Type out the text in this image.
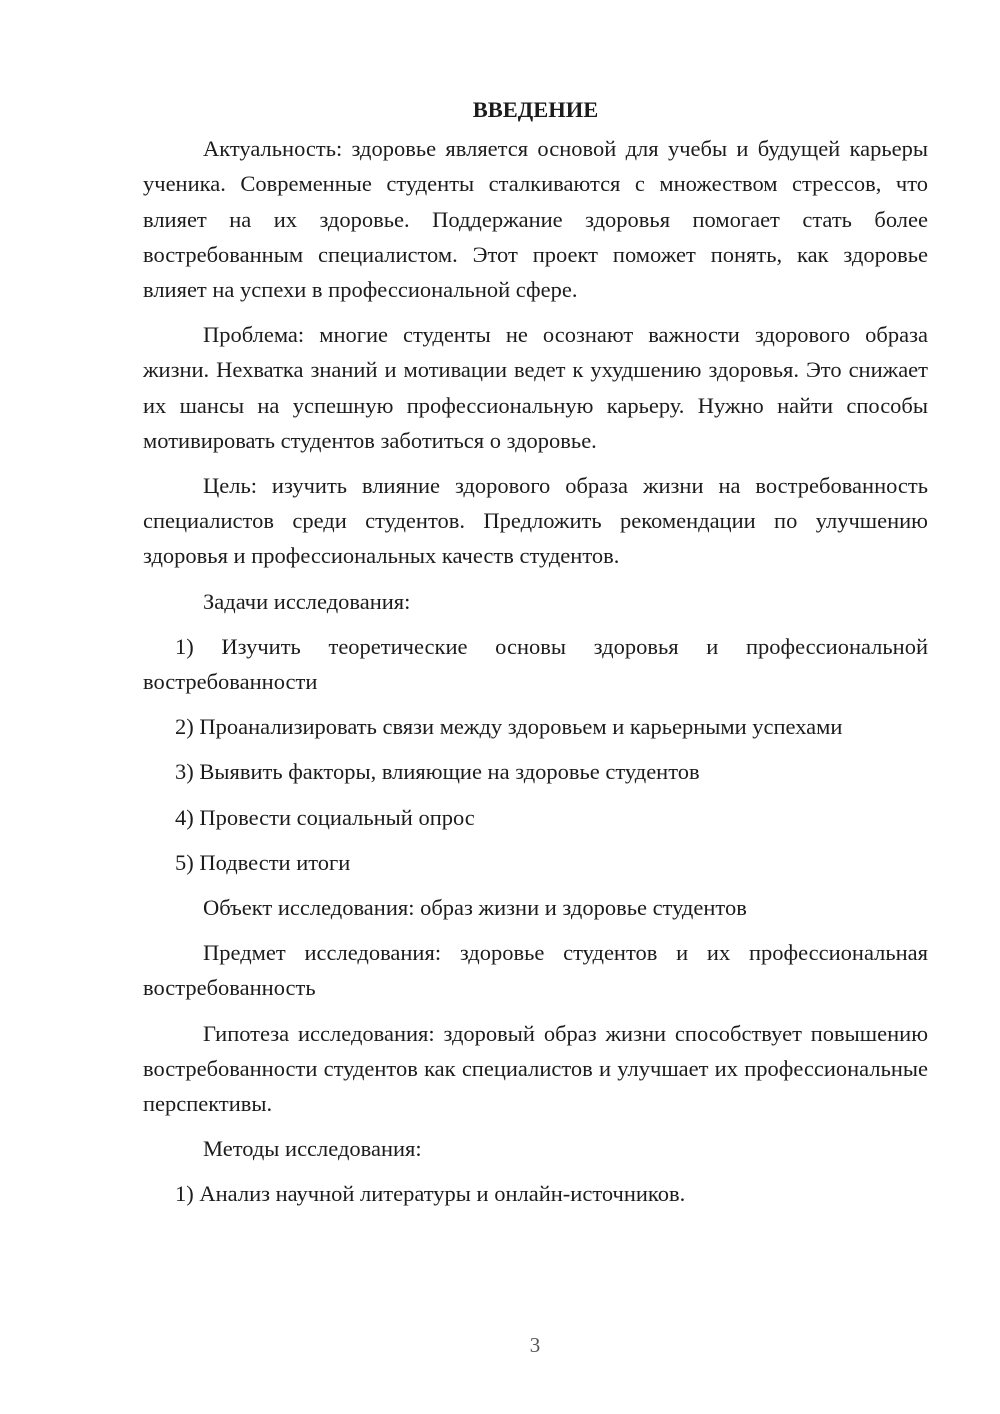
ВВЕДЕНИЕ

Актуальность: здоровье является основой для учебы и будущей карьеры ученика. Современные студенты сталкиваются с множеством стрессов, что влияет на их здоровье. Поддержание здоровья помогает стать более востребованным специалистом. Этот проект поможет понять, как здоровье влияет на успехи в профессиональной сфере.

Проблема: многие студенты не осознают важности здорового образа жизни. Нехватка знаний и мотивации ведет к ухудшению здоровья. Это снижает их шансы на успешную профессиональную карьеру. Нужно найти способы мотивировать студентов заботиться о здоровье.

Цель: изучить влияние здорового образа жизни на востребованность специалистов среди студентов. Предложить рекомендации по улучшению здоровья и профессиональных качеств студентов.

Задачи исследования:

1) Изучить теоретические основы здоровья и профессиональной востребованности

2) Проанализировать связи между здоровьем и карьерными успехами

3) Выявить факторы, влияющие на здоровье студентов

4) Провести социальный опрос

5) Подвести итоги

Объект исследования: образ жизни и здоровье студентов

Предмет исследования: здоровье студентов и их профессиональная востребованность

Гипотеза исследования: здоровый образ жизни способствует повышению востребованности студентов как специалистов и улучшает их профессиональные перспективы.

Методы исследования:

1) Анализ научной литературы и онлайн-источников.

3
